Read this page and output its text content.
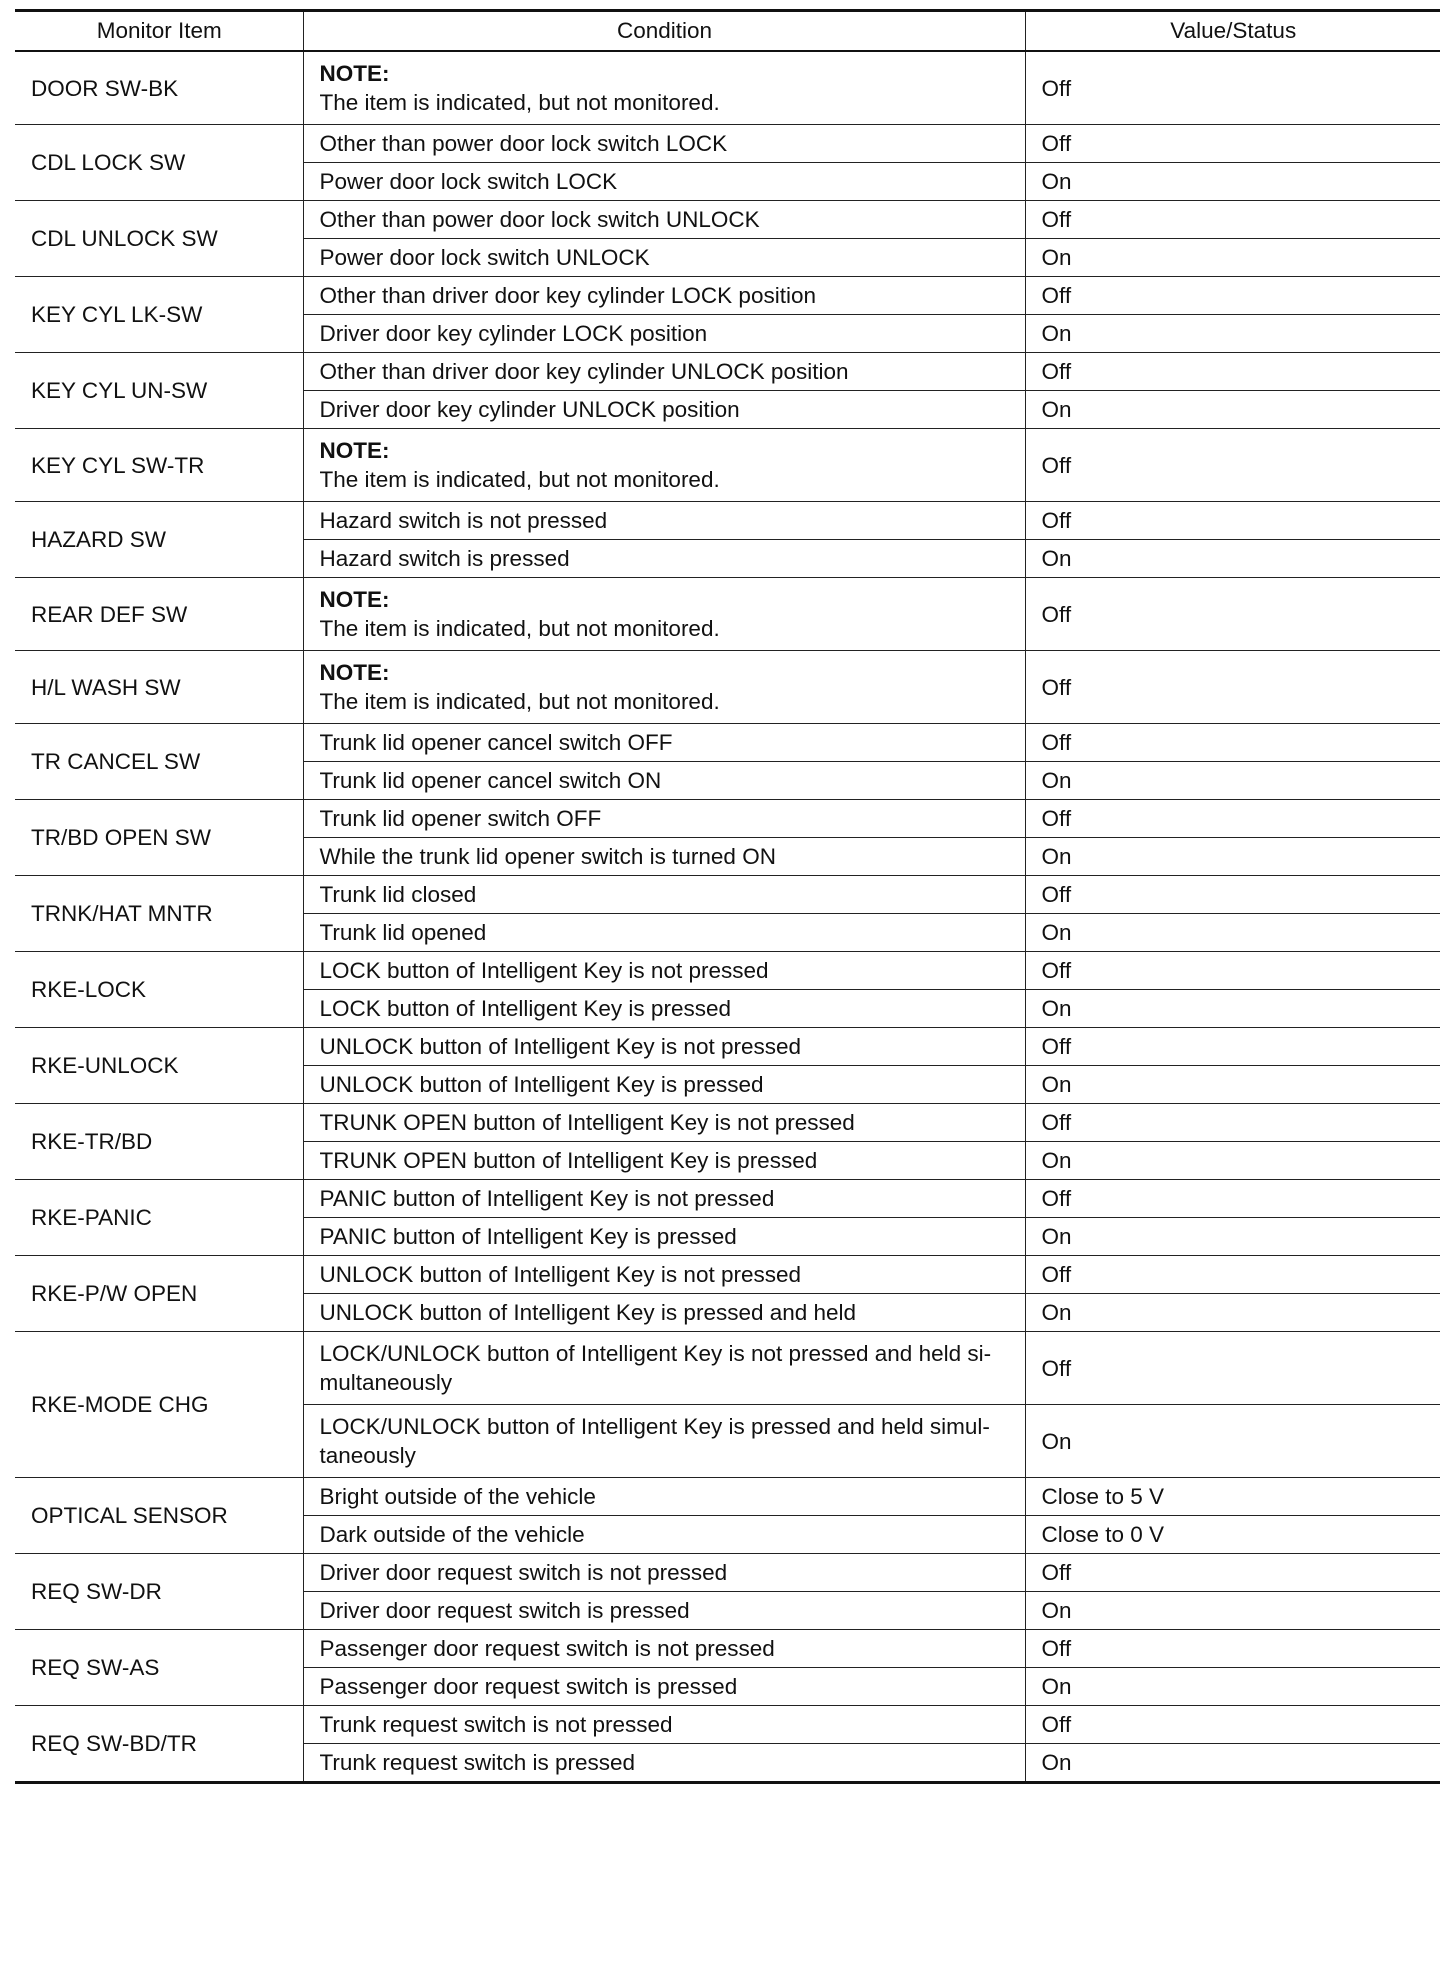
Monitor Item	Condition	Value/Status
DOOR SW-BK	NOTE:
The item is indicated, but not monitored.	Off
CDL LOCK SW	Other than power door lock switch LOCK	Off
	Power door lock switch LOCK	On
CDL UNLOCK SW	Other than power door lock switch UNLOCK	Off
	Power door lock switch UNLOCK	On
KEY CYL LK-SW	Other than driver door key cylinder LOCK position	Off
	Driver door key cylinder LOCK position	On
KEY CYL UN-SW	Other than driver door key cylinder UNLOCK position	Off
	Driver door key cylinder UNLOCK position	On
KEY CYL SW-TR	NOTE:
The item is indicated, but not monitored.	Off
HAZARD SW	Hazard switch is not pressed	Off
	Hazard switch is pressed	On
REAR DEF SW	NOTE:
The item is indicated, but not monitored.	Off
H/L WASH SW	NOTE:
The item is indicated, but not monitored.	Off
TR CANCEL SW	Trunk lid opener cancel switch OFF	Off
	Trunk lid opener cancel switch ON	On
TR/BD OPEN SW	Trunk lid opener switch OFF	Off
	While the trunk lid opener switch is turned ON	On
TRNK/HAT MNTR	Trunk lid closed	Off
	Trunk lid opened	On
RKE-LOCK	LOCK button of Intelligent Key is not pressed	Off
	LOCK button of Intelligent Key is pressed	On
RKE-UNLOCK	UNLOCK button of Intelligent Key is not pressed	Off
	UNLOCK button of Intelligent Key is pressed	On
RKE-TR/BD	TRUNK OPEN button of Intelligent Key is not pressed	Off
	TRUNK OPEN button of Intelligent Key is pressed	On
RKE-PANIC	PANIC button of Intelligent Key is not pressed	Off
	PANIC button of Intelligent Key is pressed	On
RKE-P/W OPEN	UNLOCK button of Intelligent Key is not pressed	Off
	UNLOCK button of Intelligent Key is pressed and held	On
RKE-MODE CHG	LOCK/UNLOCK button of Intelligent Key is not pressed and held si-multaneously	Off
	LOCK/UNLOCK button of Intelligent Key is pressed and held simul-taneously	On
OPTICAL SENSOR	Bright outside of the vehicle	Close to 5 V
	Dark outside of the vehicle	Close to 0 V
REQ SW-DR	Driver door request switch is not pressed	Off
	Driver door request switch is pressed	On
REQ SW-AS	Passenger door request switch is not pressed	Off
	Passenger door request switch is pressed	On
REQ SW-BD/TR	Trunk request switch is not pressed	Off
	Trunk request switch is pressed	On
